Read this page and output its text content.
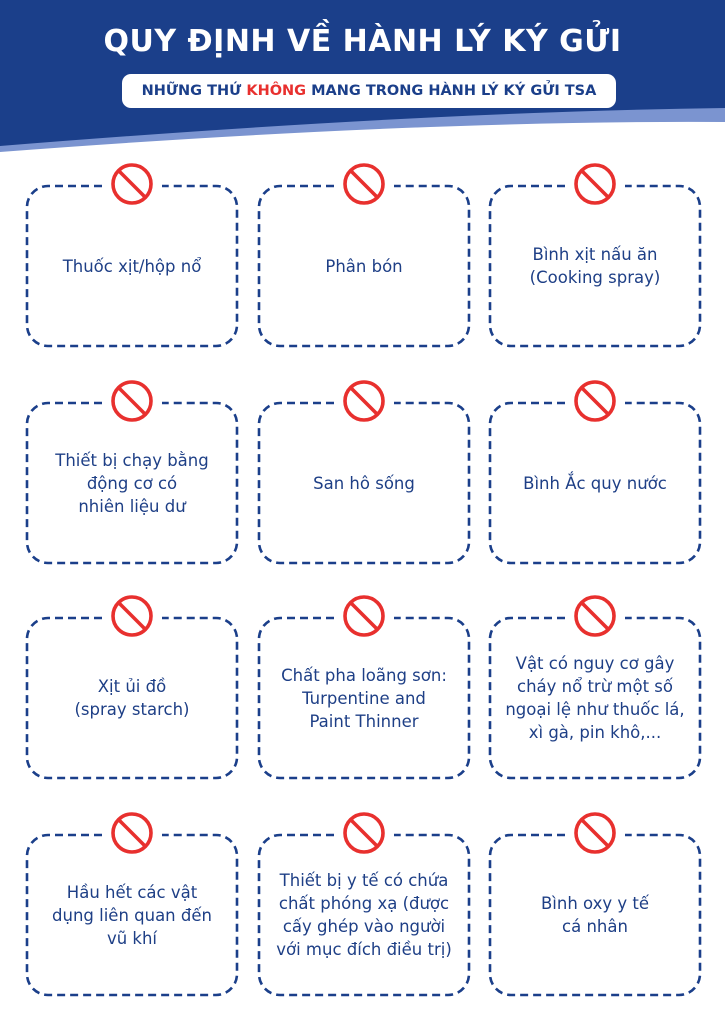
QUY ĐỊNH VỀ HÀNH LÝ KÝ GỬI
NHỮNG THỨ KHÔNG MANG TRONG HÀNH LÝ KÝ GỬI TSA
Thuốc xịt/hộp nổ	Phân bón
Bình xịt nấu ăn
(Cooking spray)
Thiết bị chạy bằng
động cơ có
nhiên liệu dư
San hô sống	Bình Ắc quy nước
Xịt ủi đồ
(spray starch)
Chất pha loãng sơn:
Turpentine and
Paint Thinner
Vật có nguy cơ gây
cháy nổ trừ một số
ngoại lệ như thuốc lá,
xì gà, pin khô,...
Hầu hết các vật
dụng liên quan đến
vũ khí
Thiết bị y tế có chứa
chất phóng xạ (được
cấy ghép vào người
với mục đích điều trị)
Bình oxy y tế
cá nhân
